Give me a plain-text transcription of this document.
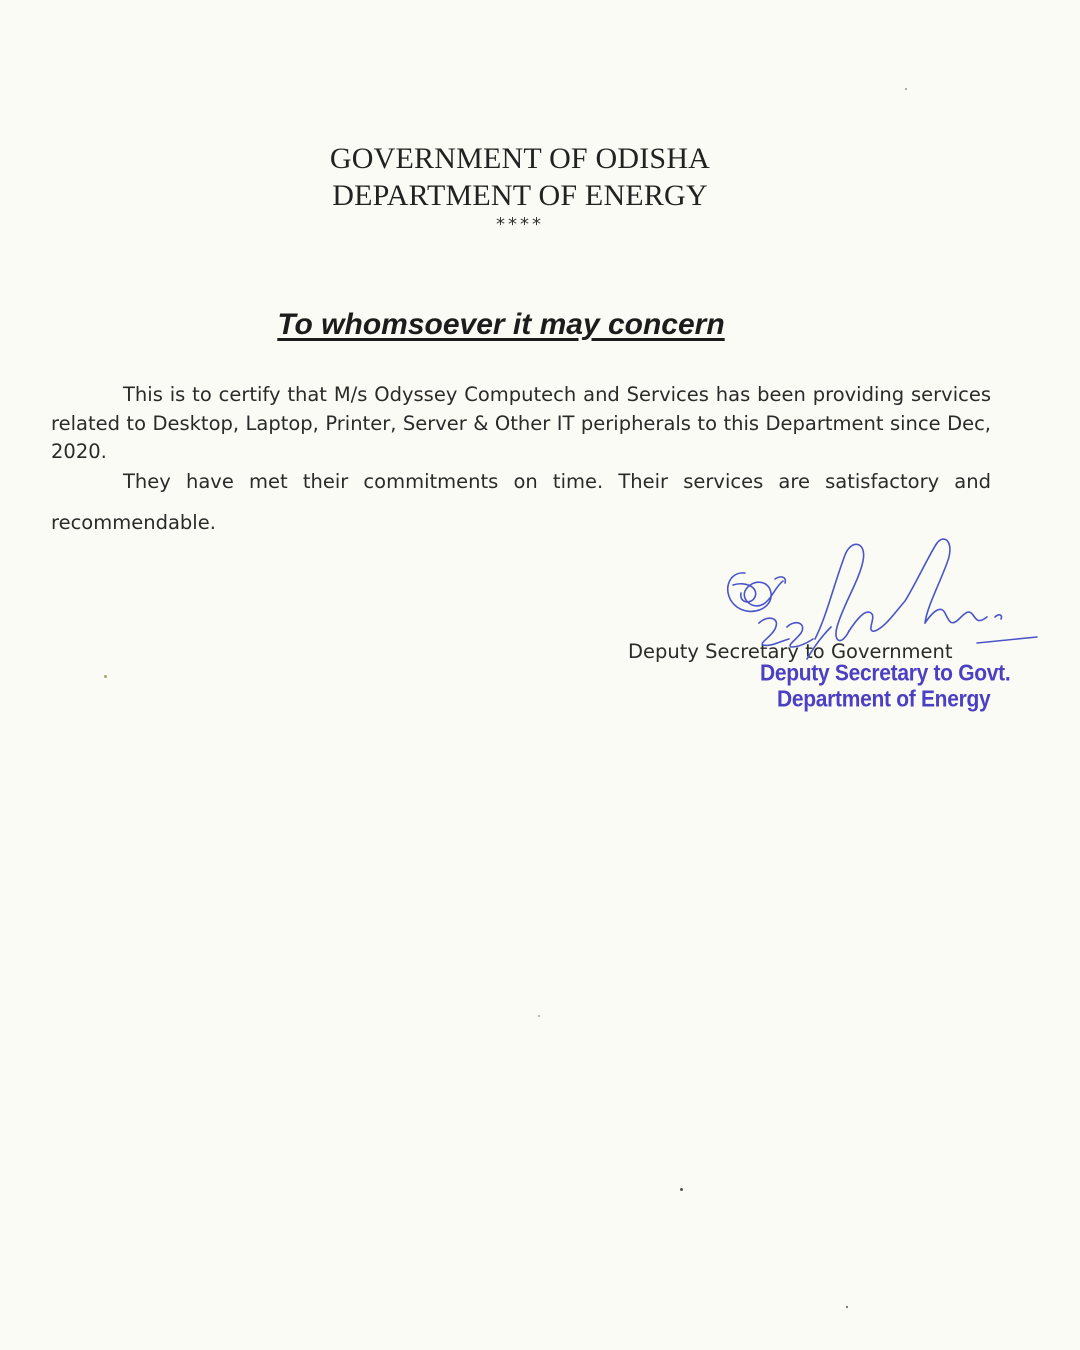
GOVERNMENT OF ODISHA
DEPARTMENT OF ENERGY
****
To whomsoever it may concern

This is to certify that M/s Odyssey Computech and Services has been providing services related to Desktop, Laptop, Printer, Server & Other IT peripherals to this Department since Dec, 2020.

They have met their commitments on time. Their services are satisfactory and

recommendable.

Deputy Secretary to Government
Deputy Secretary to Govt.
Department of Energy
